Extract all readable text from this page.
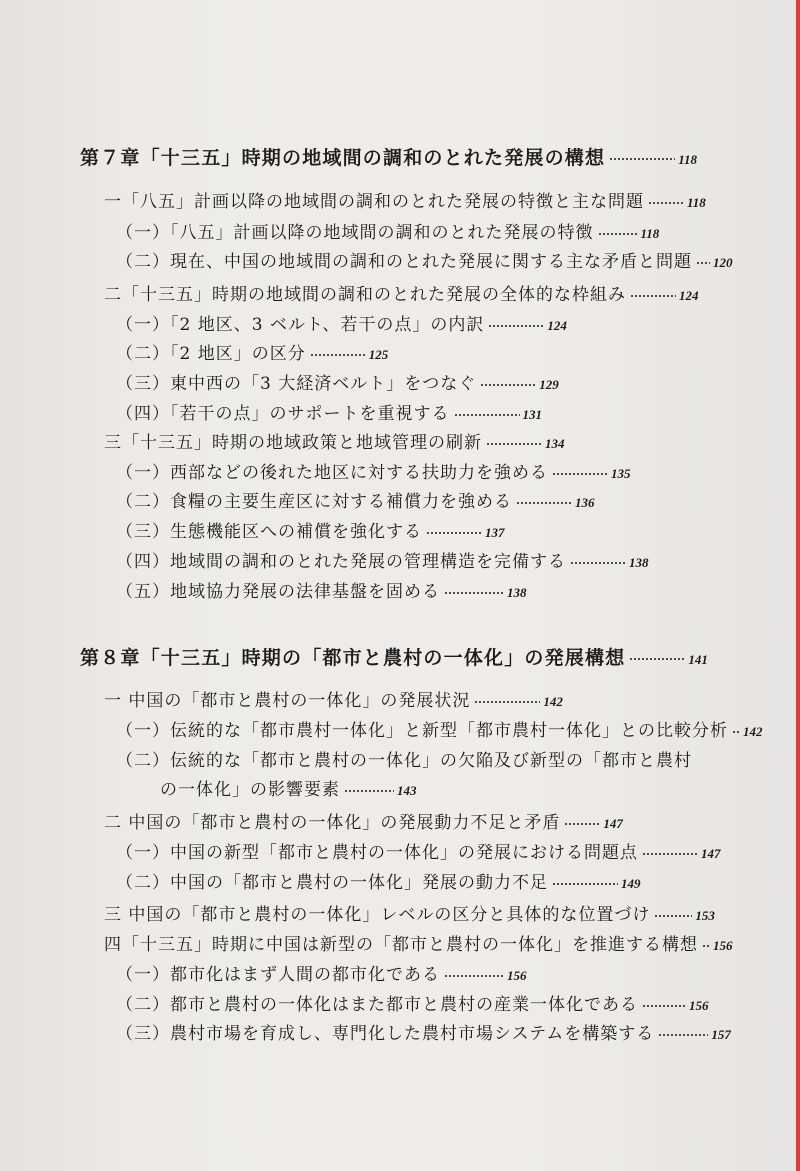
第７章「十三五」時期の地域間の調和のとれた発展の構想	118
一「八五」計画以降の地域間の調和のとれた発展の特徴と主な問題	118
（一）「八五」計画以降の地域間の調和のとれた発展の特徴	118
（二）現在、中国の地域間の調和のとれた発展に関する主な矛盾と問題 120
二「十三五」時期の地域間の調和のとれた発展の全体的な枠組み	124
（一）「2 地区、3 ベルト、若干の点」の内訳	124
（二）「2 地区」の区分	125
（三）東中西の「3 大経済ベルト」をつなぐ	129
（四）「若干の点」のサポートを重視する	131
三「十三五」時期の地域政策と地域管理の刷新	134
（一）西部などの後れた地区に対する扶助力を強める	135
（二）食糧の主要生産区に対する補償力を強める	136
（三）生態機能区への補償を強化する	137
（四）地域間の調和のとれた発展の管理構造を完備する	138
（五）地域協力発展の法律基盤を固める	138
第８章「十三五」時期の「都市と農村の一体化」の発展構想	141
一 中国の「都市と農村の一体化」の発展状況	142
（一）伝統的な「都市農村一体化」と新型「都市農村一体化」との比較分析 142
（二）伝統的な「都市と農村の一体化」の欠陥及び新型の「都市と農村
の一体化」の影響要素	143
二 中国の「都市と農村の一体化」の発展動力不足と矛盾	147
（一）中国の新型「都市と農村の一体化」の発展における問題点	147
（二）中国の「都市と農村の一体化」発展の動力不足	149
三 中国の「都市と農村の一体化」レベルの区分と具体的な位置づけ	153
四「十三五」時期に中国は新型の「都市と農村の一体化」を推進する構想 156
（一）都市化はまず人間の都市化である	156
（二）都市と農村の一体化はまた都市と農村の産業一体化である	156
（三）農村市場を育成し、専門化した農村市場システムを構築する	157
